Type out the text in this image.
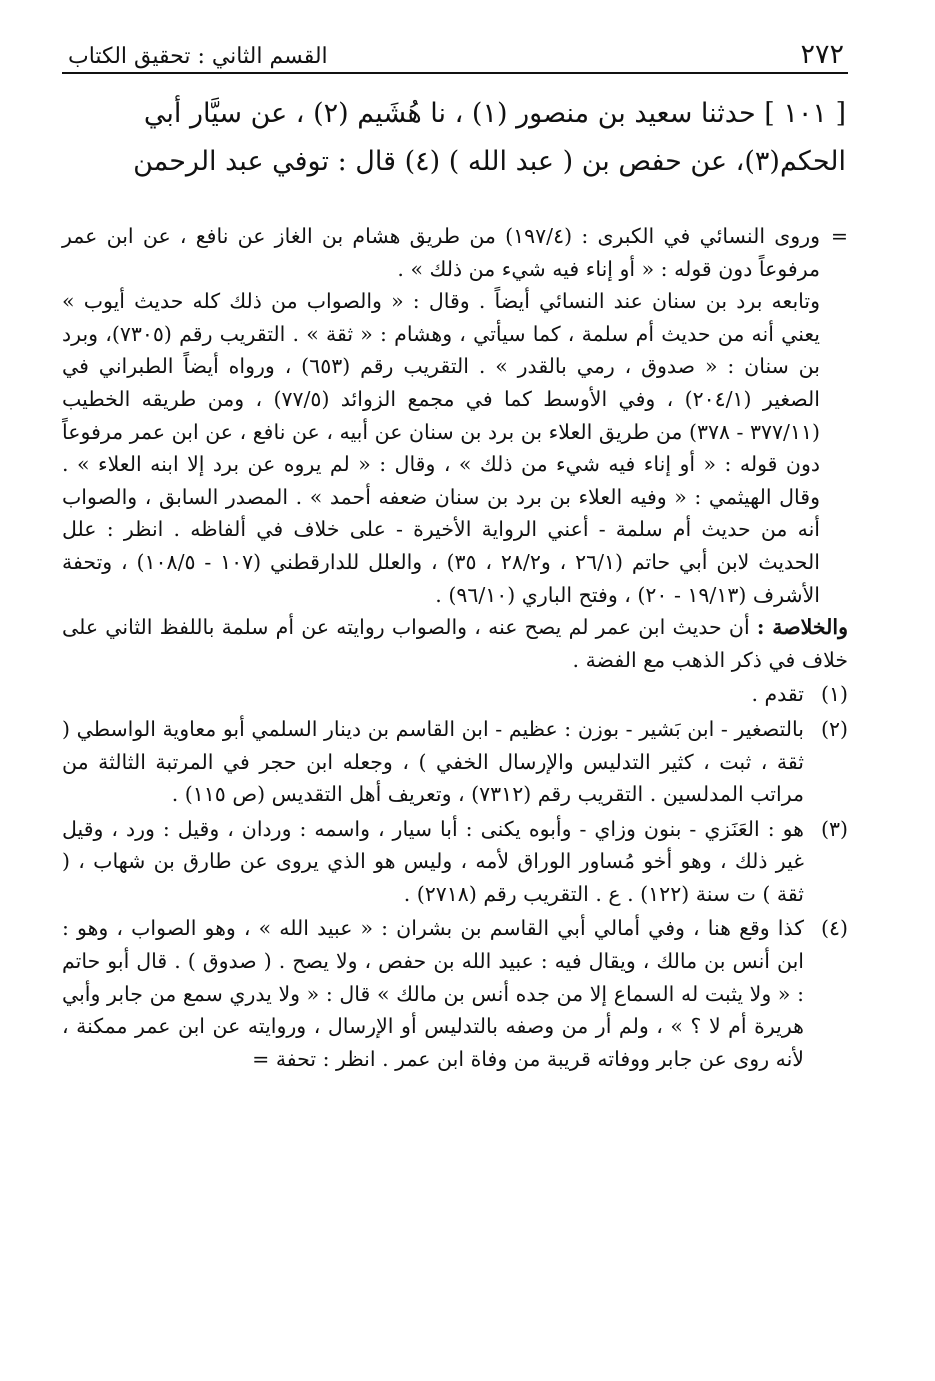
٢٧٢
القسم الثاني : تحقيق الكتاب

[ ١٠١ ] حدثنا سعيد بن منصور (١) ، نا هُشَيم (٢) ، عن سيَّار أبي

الحكم(٣)، عن حفص بن ( عبد الله ) (٤) قال : توفي عبد الرحمن

=

وروى النسائي في الكبرى : (١٩٧/٤) من طريق هشام بن الغاز عن نافع ، عن ابن عمر مرفوعاً دون قوله : « أو إناء فيه شيء من ذلك » .

وتابعه برد بن سنان عند النسائي أيضاً . وقال : « والصواب من ذلك كله حديث أيوب » يعني أنه من حديث أم سلمة ، كما سيأتي ، وهشام : « ثقة » . التقريب رقم (٧٣٠٥)، وبرد بن سنان : « صدوق ، رمي بالقدر » . التقريب رقم (٦٥٣) ، ورواه أيضاً الطبراني في الصغير (٢٠٤/١) ، وفي الأوسط كما في مجمع الزوائد (٧٧/٥) ، ومن طريقه الخطيب (٣٧٧/١١ - ٣٧٨) من طريق العلاء بن برد بن سنان عن أبيه ، عن نافع ، عن ابن عمر مرفوعاً دون قوله : « أو إناء فيه شيء من ذلك » ، وقال : « لم يروه عن برد إلا ابنه العلاء » . وقال الهيثمي : « وفيه العلاء بن برد بن سنان ضعفه أحمد » . المصدر السابق ، والصواب أنه من حديث أم سلمة - أعني الرواية الأخيرة - على خلاف في ألفاظه . انظر : علل الحديث لابن أبي حاتم (٢٦/١ ، و٢٨/٢ ، ٣٥) ، والعلل للدارقطني (١٠٧ - ١٠٨/٥) ، وتحفة الأشرف (١٩/١٣ - ٢٠) ، وفتح الباري (٩٦/١٠) .

والخلاصة : أن حديث ابن عمر لم يصح عنه ، والصواب روايته عن أم سلمة باللفظ الثاني على خلاف في ذكر الذهب مع الفضة .

(١)
تقدم .
(٢)
بالتصغير - ابن بَشير - بوزن : عظيم - ابن القاسم بن دينار السلمي أبو معاوية الواسطي ( ثقة ، ثبت ، كثير التدليس والإرسال الخفي ) ، وجعله ابن حجر في المرتبة الثالثة من مراتب المدلسين . التقريب رقم (٧٣١٢) ، وتعريف أهل التقديس (ص ١١٥) .
(٣)
هو : العَنَزي - بنون وزاي - وأبوه يكنى : أبا سيار ، واسمه : وردان ، وقيل : ورد ، وقيل غير ذلك ، وهو أخو مُساور الوراق لأمه ، وليس هو الذي يروى عن طارق بن شهاب ، ( ثقة ) ت سنة (١٢٢) . ع . التقريب رقم (٢٧١٨) .
(٤)
كذا وقع هنا ، وفي أمالي أبي القاسم بن بشران : « عبيد الله » ، وهو الصواب ، وهو : ابن أنس بن مالك ، ويقال فيه : عبيد الله بن حفص ، ولا يصح . ( صدوق ) . قال أبو حاتم : « ولا يثبت له السماع إلا من جده أنس بن مالك » قال : « ولا يدري سمع من جابر وأبي هريرة أم لا ؟ » ، ولم أر من وصفه بالتدليس أو الإرسال ، وروايته عن ابن عمر ممكنة ، لأنه روى عن جابر ووفاته قريبة من وفاة ابن عمر . انظر : تحفة =
